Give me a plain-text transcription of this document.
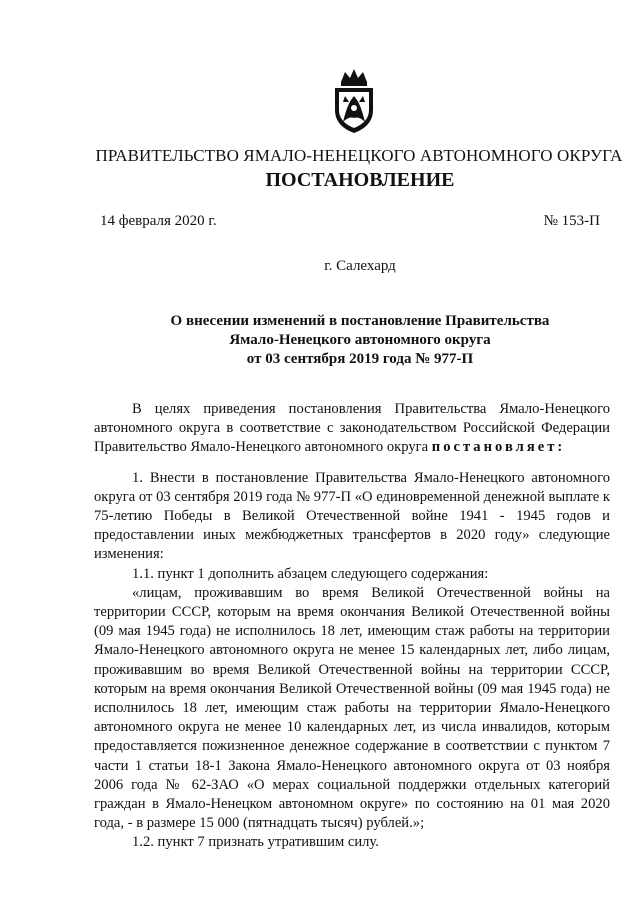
ПРАВИТЕЛЬСТВО ЯМАЛО-НЕНЕЦКОГО АВТОНОМНОГО ОКРУГА
ПОСТАНОВЛЕНИЕ
14 февраля 2020 г.	№ 153-П
г. Салехард
О внесении изменений в постановление Правительства
Ямало-Ненецкого автономного округа
от 03 сентября 2019 года № 977-П

В целях приведения постановления Правительства Ямало-Ненецкого автономного округа в соответствие с законодательством Российской Федерации Правительство Ямало-Ненецкого автономного округа постановляет:

1. Внести в постановление Правительства Ямало-Ненецкого автономного округа от 03 сентября 2019 года № 977-П «О единовременной денежной выплате к 75-летию Победы в Великой Отечественной войне 1941 - 1945 годов и предоставлении иных межбюджетных трансфертов в 2020 году» следующие изменения:

1.1. пункт 1 дополнить абзацем следующего содержания:

«лицам, проживавшим во время Великой Отечественной войны на территории СССР, которым на время окончания Великой Отечественной войны (09 мая 1945 года) не исполнилось 18 лет, имеющим стаж работы на территории Ямало-Ненецкого автономного округа не менее 15 календарных лет, либо лицам, проживавшим во время Великой Отечественной войны на территории СССР, которым на время окончания Великой Отечественной войны (09 мая 1945 года) не исполнилось 18 лет, имеющим стаж работы на территории Ямало-Ненецкого автономного округа не менее 10 календарных лет, из числа инвалидов, которым предоставляется пожизненное денежное содержание в соответствии с пунктом 7 части 1 статьи 18-1 Закона Ямало-Ненецкого автономного округа от 03 ноября 2006 года № 62-ЗАО «О мерах социальной поддержки отдельных категорий граждан в Ямало-Ненецком автономном округе» по состоянию на 01 мая 2020 года, - в размере 15 000 (пятнадцать тысяч) рублей.»;

1.2. пункт 7 признать утратившим силу.
